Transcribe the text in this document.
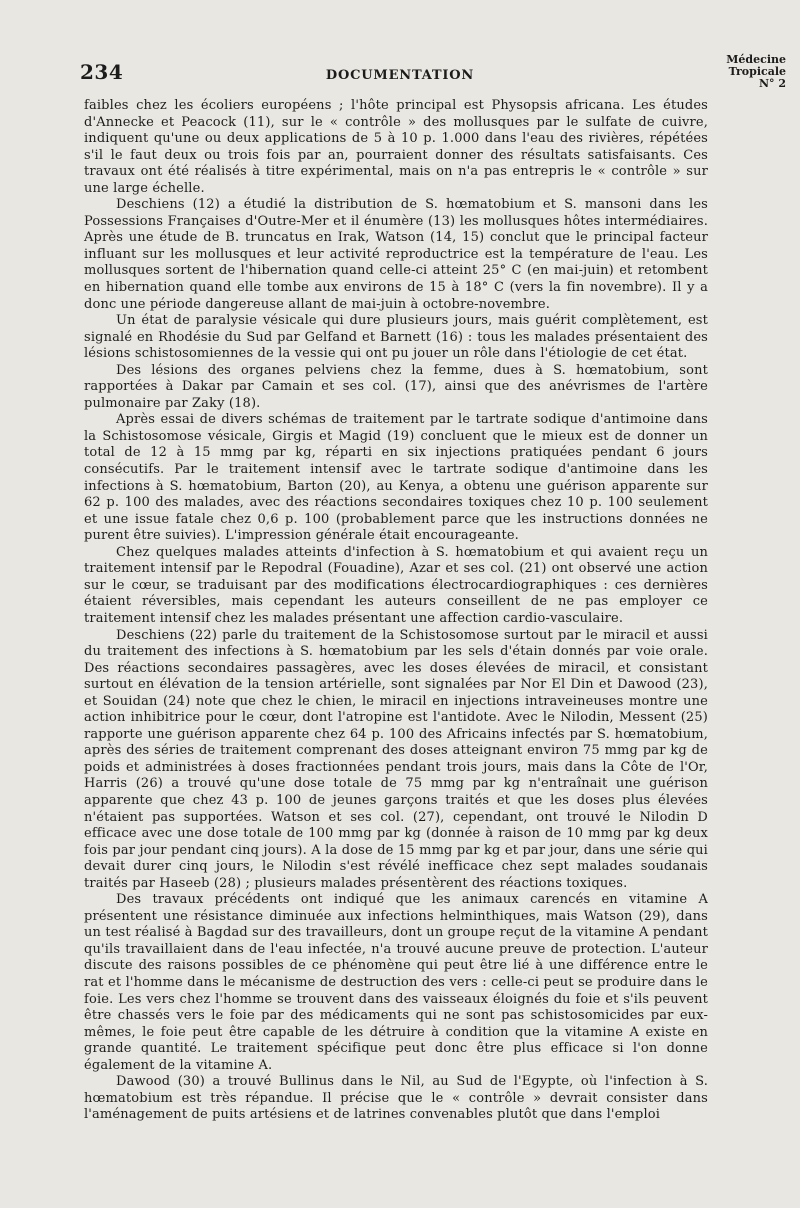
234	DOCUMENTATION
Médecine
Tropicale
N° 2

faibles chez les écoliers européens ; l'hôte principal est Physopsis africana. Les études d'Annecke et Peacock (11), sur le « contrôle » des mollusques par le sulfate de cuivre, indiquent qu'une ou deux applications de 5 à 10 p. 1.000 dans l'eau des rivières, répétées s'il le faut deux ou trois fois par an, pourraient donner des résultats satisfaisants. Ces travaux ont été réalisés à titre expérimental, mais on n'a pas entrepris le « contrôle » sur une large échelle.

Deschiens (12) a étudié la distribution de S. hœmatobium et S. mansoni dans les Possessions Françaises d'Outre-Mer et il énumère (13) les mollusques hôtes intermédiaires. Après une étude de B. truncatus en Irak, Watson (14, 15) conclut que le principal facteur influant sur les mollusques et leur activité reproductrice est la température de l'eau. Les mollusques sortent de l'hibernation quand celle-ci atteint 25° C (en mai-juin) et retombent en hibernation quand elle tombe aux environs de 15 à 18° C (vers la fin novembre). Il y a donc une période dangereuse allant de mai-juin à octobre-novembre.

Un état de paralysie vésicale qui dure plusieurs jours, mais guérit complètement, est signalé en Rhodésie du Sud par Gelfand et Barnett (16) : tous les malades présentaient des lésions schistosomiennes de la vessie qui ont pu jouer un rôle dans l'étiologie de cet état.

Des lésions des organes pelviens chez la femme, dues à S. hœmatobium, sont rapportées à Dakar par Camain et ses col. (17), ainsi que des anévrismes de l'artère pulmonaire par Zaky (18).

Après essai de divers schémas de traitement par le tartrate sodique d'antimoine dans la Schistosomose vésicale, Girgis et Magid (19) concluent que le mieux est de donner un total de 12 à 15 mmg par kg, réparti en six injections pratiquées pendant 6 jours consécutifs. Par le traitement intensif avec le tartrate sodique d'antimoine dans les infections à S. hœmatobium, Barton (20), au Kenya, a obtenu une guérison apparente sur 62 p. 100 des malades, avec des réactions secondaires toxiques chez 10 p. 100 seulement et une issue fatale chez 0,6 p. 100 (probablement parce que les instructions données ne purent être suivies). L'impression générale était encourageante.

Chez quelques malades atteints d'infection à S. hœmatobium et qui avaient reçu un traitement intensif par le Repodral (Fouadine), Azar et ses col. (21) ont observé une action sur le cœur, se traduisant par des modifications électrocardiographiques : ces dernières étaient réversibles, mais cependant les auteurs conseillent de ne pas employer ce traitement intensif chez les malades présentant une affection cardio-vasculaire.

Deschiens (22) parle du traitement de la Schistosomose surtout par le miracil et aussi du traitement des infections à S. hœmatobium par les sels d'étain donnés par voie orale. Des réactions secondaires passagères, avec les doses élevées de miracil, et consistant surtout en élévation de la tension artérielle, sont signalées par Nor El Din et Dawood (23), et Souidan (24) note que chez le chien, le miracil en injections intraveineuses montre une action inhibitrice pour le cœur, dont l'atropine est l'antidote. Avec le Nilodin, Messent (25) rapporte une guérison apparente chez 64 p. 100 des Africains infectés par S. hœmatobium, après des séries de traitement comprenant des doses atteignant environ 75 mmg par kg de poids et administrées à doses fractionnées pendant trois jours, mais dans la Côte de l'Or, Harris (26) a trouvé qu'une dose totale de 75 mmg par kg n'entraînait une guérison apparente que chez 43 p. 100 de jeunes garçons traités et que les doses plus élevées n'étaient pas supportées. Watson et ses col. (27), cependant, ont trouvé le Nilodin D efficace avec une dose totale de 100 mmg par kg (donnée à raison de 10 mmg par kg deux fois par jour pendant cinq jours). A la dose de 15 mmg par kg et par jour, dans une série qui devait durer cinq jours, le Nilodin s'est révélé inefficace chez sept malades soudanais traités par Haseeb (28) ; plusieurs malades présentèrent des réactions toxiques.

Des travaux précédents ont indiqué que les animaux carencés en vitamine A présentent une résistance diminuée aux infections helminthiques, mais Watson (29), dans un test réalisé à Bagdad sur des travailleurs, dont un groupe reçut de la vitamine A pendant qu'ils travaillaient dans de l'eau infectée, n'a trouvé aucune preuve de protection. L'auteur discute des raisons possibles de ce phénomène qui peut être lié à une différence entre le rat et l'homme dans le mécanisme de destruction des vers : celle-ci peut se produire dans le foie. Les vers chez l'homme se trouvent dans des vaisseaux éloignés du foie et s'ils peuvent être chassés vers le foie par des médicaments qui ne sont pas schistosomicides par eux-mêmes, le foie peut être capable de les détruire à condition que la vitamine A existe en grande quantité. Le traitement spécifique peut donc être plus efficace si l'on donne également de la vitamine A.

Dawood (30) a trouvé Bullinus dans le Nil, au Sud de l'Egypte, où l'infection à S. hœmatobium est très répandue. Il précise que le « contrôle » devrait consister dans l'aménagement de puits artésiens et de latrines convenables plutôt que dans l'emploi
